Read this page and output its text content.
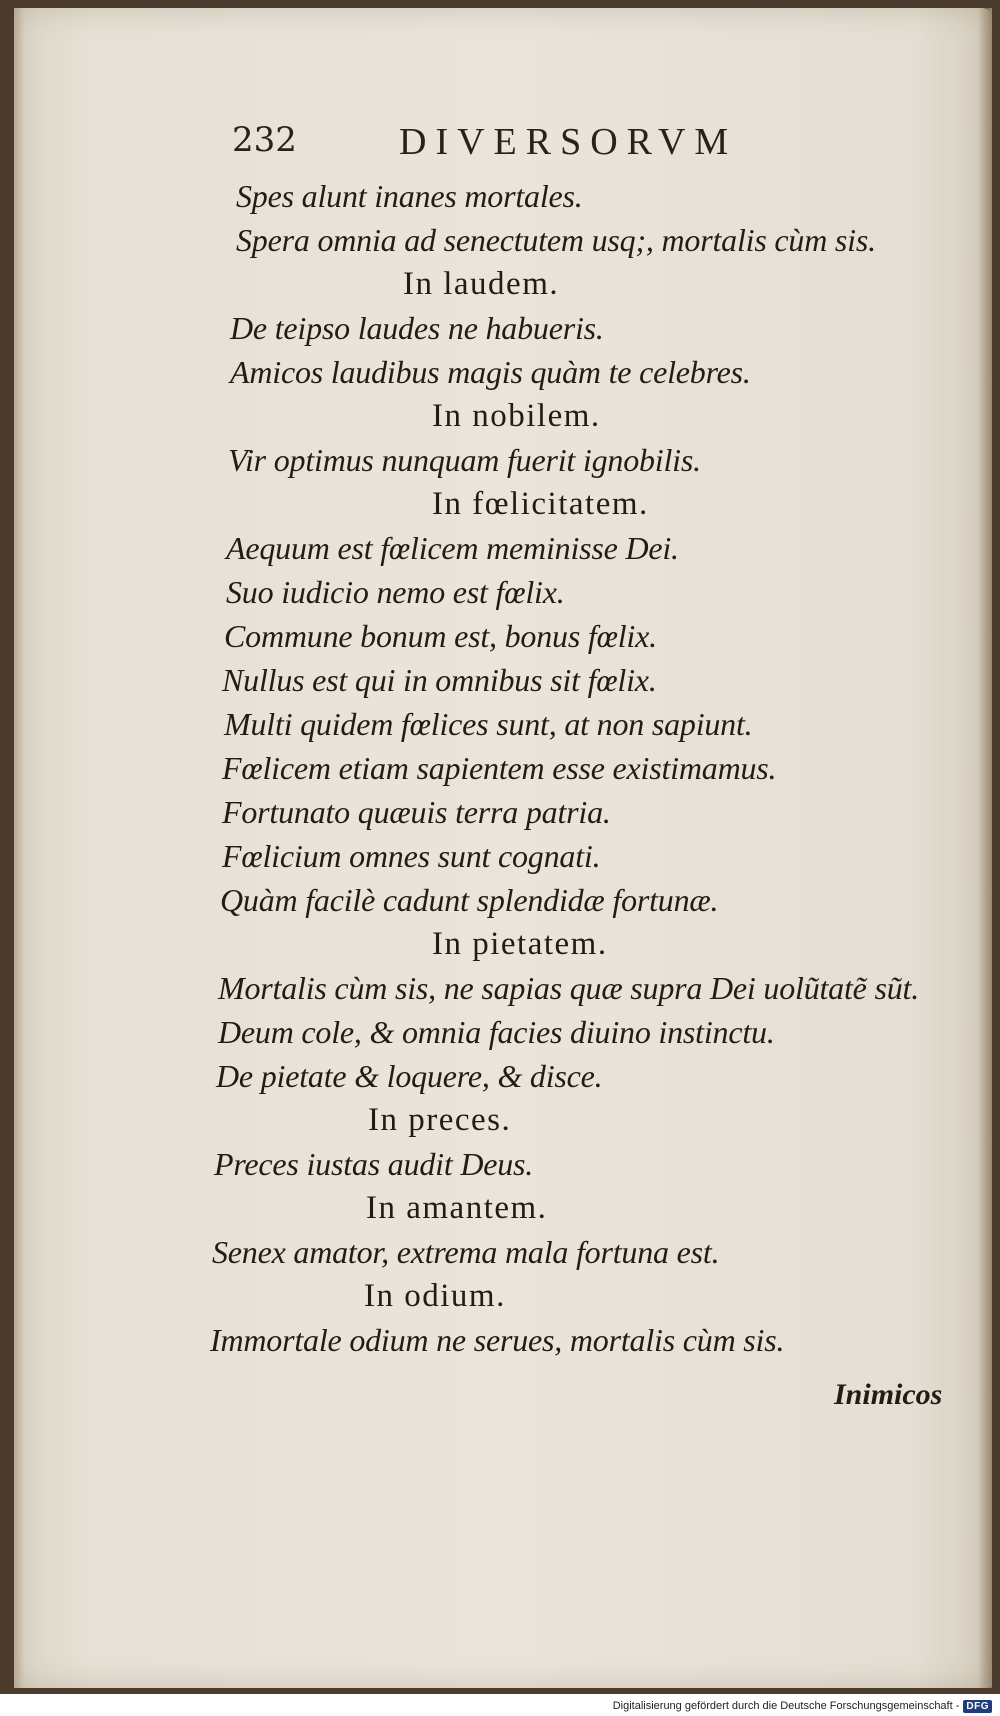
232	DIVERSORVM
Spes alunt inanes mortales.
Spera omnia ad senectutem usq;, mortalis cùm sis.
In laudem.
De teipso laudes ne habueris.
Amicos laudibus magis quàm te celebres.
In nobilem.
Vir optimus nunquam fuerit ignobilis.
In fœlicitatem.
Aequum est fœlicem meminisse Dei.
Suo iudicio nemo est fœlix.
Commune bonum est, bonus fœlix.
Nullus est qui in omnibus sit fœlix.
Multi quidem fœlices sunt, at non sapiunt.
Fœlicem etiam sapientem esse existimamus.
Fortunato quæuis terra patria.
Fœlicium omnes sunt cognati.
Quàm facilè cadunt splendidæ fortunæ.
In pietatem.
Mortalis cùm sis, ne sapias quæ supra Dei uolũtatẽ sũt.
Deum cole, & omnia facies diuino instinctu.
De pietate & loquere, & disce.
In preces.
Preces iustas audit Deus.
In amantem.
Senex amator, extrema mala fortuna est.
In odium.
Immortale odium ne serues, mortalis cùm sis.
Inimicos
Digitalisierung gefördert durch die Deutsche Forschungsgemeinschaft - DFG
